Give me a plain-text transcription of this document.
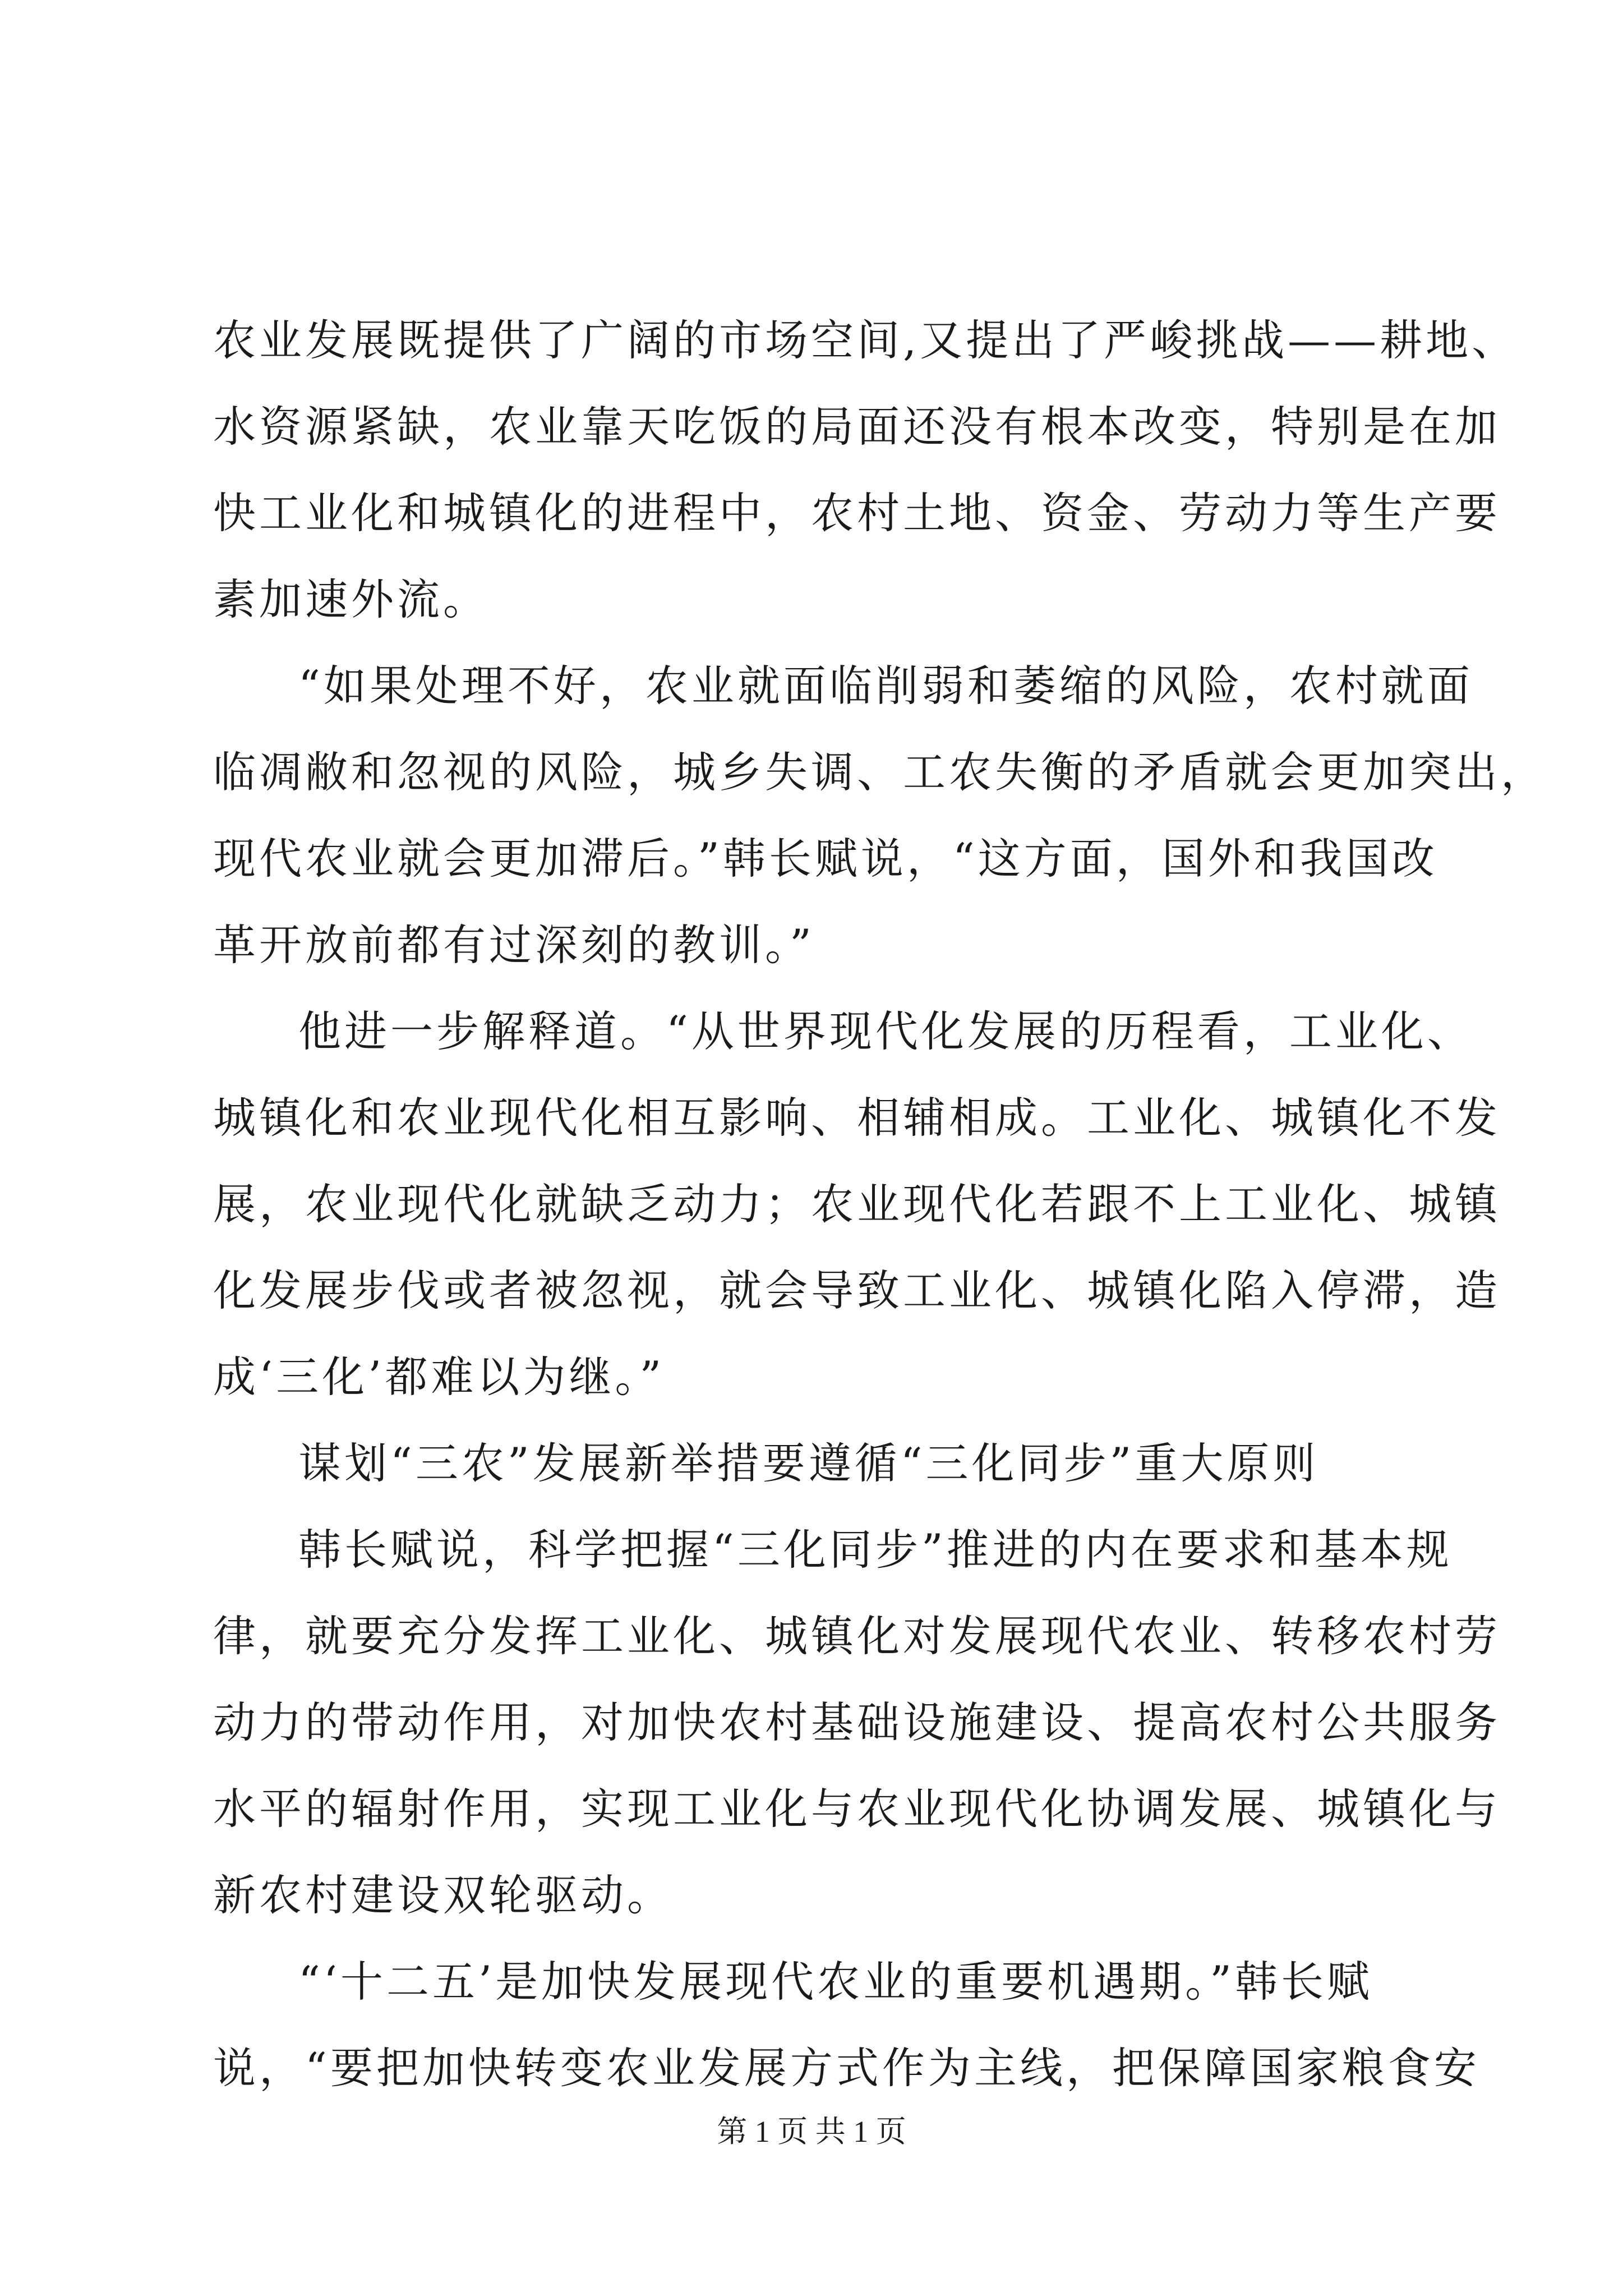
农业发展既提供了广阔的市场空间,又提出了严峻挑战——耕地、
水资源紧缺，农业靠天吃饭的局面还没有根本改变，特别是在加
快工业化和城镇化的进程中，农村土地、资金、劳动力等生产要
素加速外流。
“如果处理不好，农业就面临削弱和萎缩的风险，农村就面
临凋敝和忽视的风险，城乡失调、工农失衡的矛盾就会更加突出，
现代农业就会更加滞后。”韩长赋说，“这方面，国外和我国改
革开放前都有过深刻的教训。”
他进一步解释道。“从世界现代化发展的历程看，工业化、
城镇化和农业现代化相互影响、相辅相成。工业化、城镇化不发
展，农业现代化就缺乏动力；农业现代化若跟不上工业化、城镇
化发展步伐或者被忽视，就会导致工业化、城镇化陷入停滞，造
成‘三化’都难以为继。”
谋划“三农”发展新举措要遵循“三化同步”重大原则
韩长赋说，科学把握“三化同步”推进的内在要求和基本规
律，就要充分发挥工业化、城镇化对发展现代农业、转移农村劳
动力的带动作用，对加快农村基础设施建设、提高农村公共服务
水平的辐射作用，实现工业化与农业现代化协调发展、城镇化与
新农村建设双轮驱动。
“‘十二五’是加快发展现代农业的重要机遇期。”韩长赋
说，“要把加快转变农业发展方式作为主线，把保障国家粮食安
第 1 页 共 1 页
